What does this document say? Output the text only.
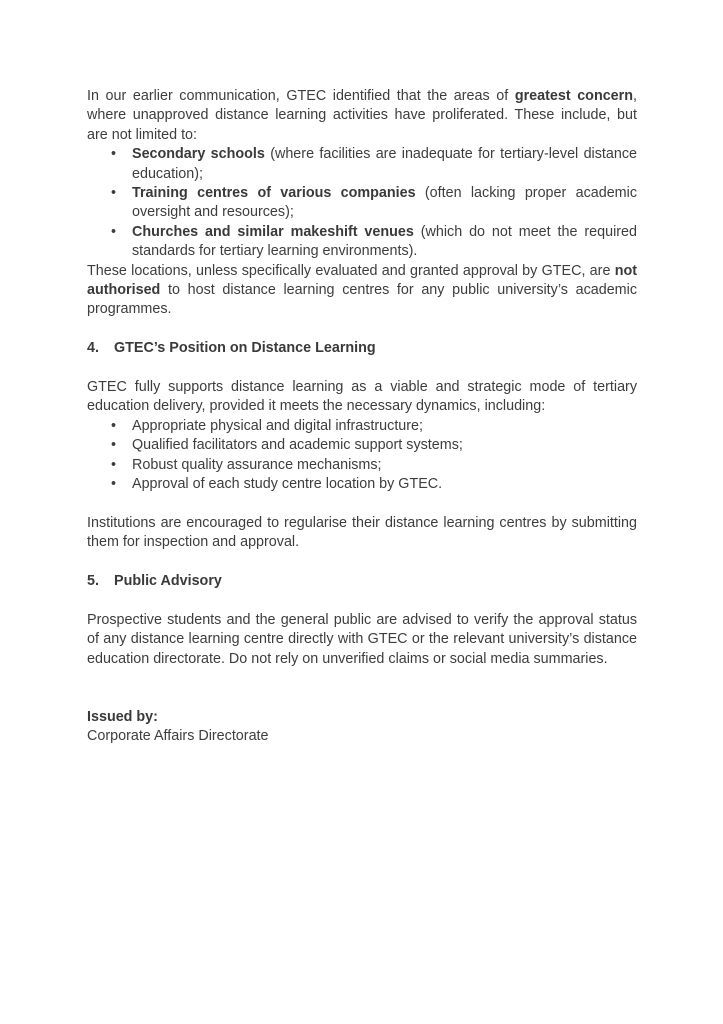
In our earlier communication, GTEC identified that the areas of greatest concern, where unapproved distance learning activities have proliferated. These include, but are not limited to:

• Secondary schools (where facilities are inadequate for tertiary-level distance education);
• Training centres of various companies (often lacking proper academic oversight and resources);
• Churches and similar makeshift venues (which do not meet the required standards for tertiary learning environments).

These locations, unless specifically evaluated and granted approval by GTEC, are not authorised to host distance learning centres for any public university’s academic programmes.

4. GTEC’s Position on Distance Learning

GTEC fully supports distance learning as a viable and strategic mode of tertiary education delivery, provided it meets the necessary dynamics, including:

• Appropriate physical and digital infrastructure;
• Qualified facilitators and academic support systems;
• Robust quality assurance mechanisms;
• Approval of each study centre location by GTEC.

Institutions are encouraged to regularise their distance learning centres by submitting them for inspection and approval.

5. Public Advisory

Prospective students and the general public are advised to verify the approval status of any distance learning centre directly with GTEC or the relevant university’s distance education directorate. Do not rely on unverified claims or social media summaries.

Issued by:

Corporate Affairs Directorate
